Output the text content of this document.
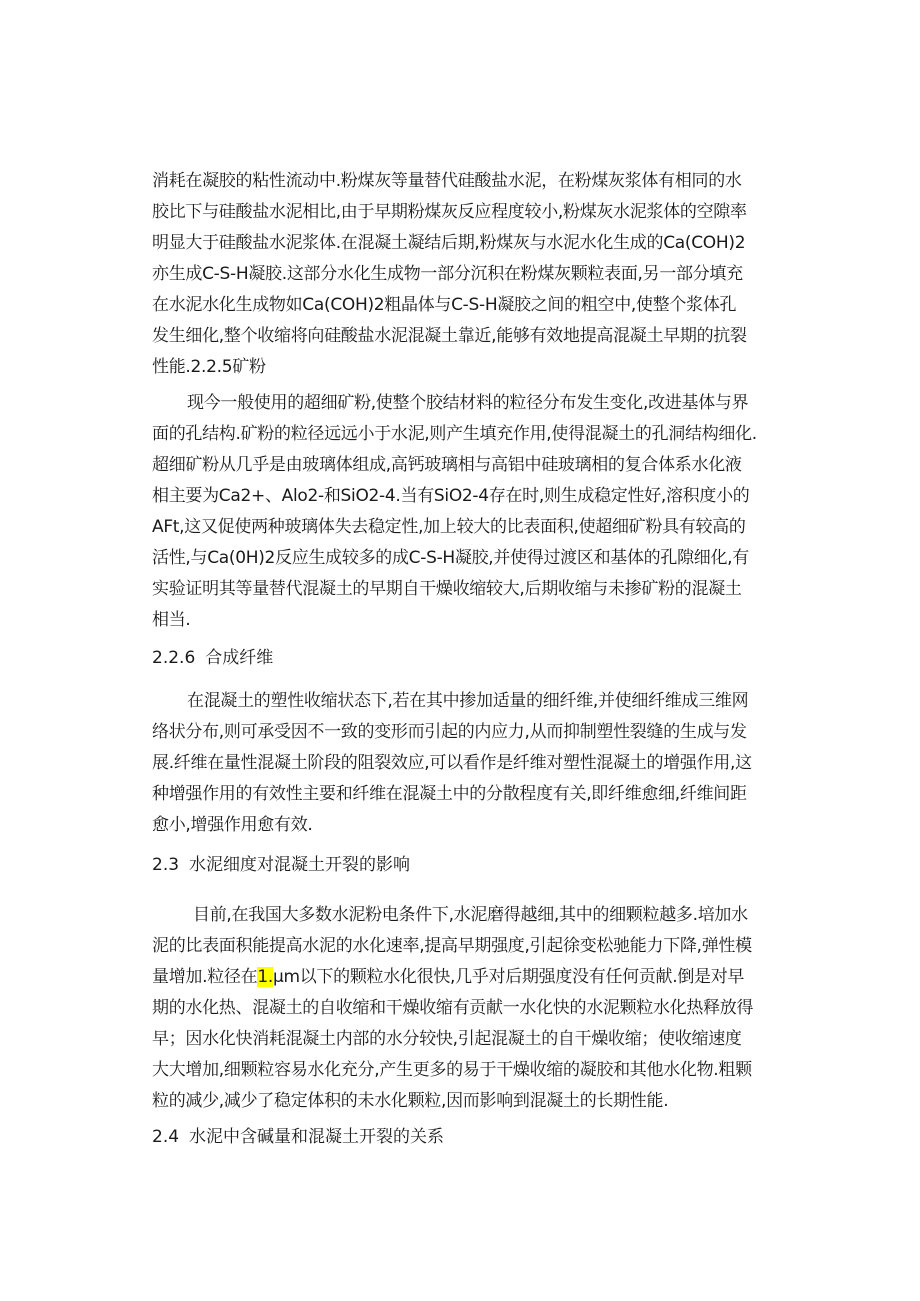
消耗在凝胶的粘性流动中.粉煤灰等量替代硅酸盐水泥，在粉煤灰浆体有相同的水
胶比下与硅酸盐水泥相比,由于早期粉煤灰反应程度较小,粉煤灰水泥浆体的空隙率
明显大于硅酸盐水泥浆体.在混凝土凝结后期,粉煤灰与水泥水化生成的Ca(COH)2
亦生成C-S-H凝胶.这部分水化生成物一部分沉积在粉煤灰颗粒表面,另一部分填充
在水泥水化生成物如Ca(COH)2粗晶体与C-S-H凝胶之间的粗空中,使整个浆体孔
发生细化,整个收缩将向硅酸盐水泥混凝土靠近,能够有效地提高混凝土早期的抗裂
性能.2.2.5矿粉
现今一般使用的超细矿粉,使整个胶结材料的粒径分布发生变化,改进基体与界
面的孔结构.矿粉的粒径远远小于水泥,则产生填充作用,使得混凝土的孔洞结构细化.
超细矿粉从几乎是由玻璃体组成,高钙玻璃相与高铝中硅玻璃相的复合体系水化液
相主要为Ca2+、Alo2-和SiO2-4.当有SiO2-4存在时,则生成稳定性好,溶积度小的
AFt,这又促使两种玻璃体失去稳定性,加上较大的比表面积,使超细矿粉具有较高的
活性,与Ca(0H)2反应生成较多的成C-S-H凝胶,并使得过渡区和基体的孔隙细化,有
实验证明其等量替代混凝土的早期自干燥收缩较大,后期收缩与未掺矿粉的混凝土
相当.
2.2.6 合成纤维
在混凝土的塑性收缩状态下,若在其中掺加适量的细纤维,并使细纤维成三维网
络状分布,则可承受因不一致的变形而引起的内应力,从而抑制塑性裂缝的生成与发
展.纤维在量性混凝土阶段的阻裂效应,可以看作是纤维对塑性混凝土的增强作用,这
种增强作用的有效性主要和纤维在混凝土中的分散程度有关,即纤维愈细,纤维间距
愈小,增强作用愈有效.
2.3 水泥细度对混凝土开裂的影响
目前,在我国大多数水泥粉电条件下,水泥磨得越细,其中的细颗粒越多.培加水
泥的比表面积能提高水泥的水化速率,提高早期强度,引起徐变松驰能力下降,弹性模
量增加.粒径在1.μm以下的颗粒水化很快,几乎对后期强度没有任何贡献.倒是对早
期的水化热、混凝土的自收缩和干燥收缩有贡献一水化快的水泥颗粒水化热释放得
早；因水化快消耗混凝土内部的水分较快,引起混凝土的自干燥收缩；使收缩速度
大大增加,细颗粒容易水化充分,产生更多的易于干燥收缩的凝胶和其他水化物.粗颗
粒的减少,减少了稳定体积的未水化颗粒,因而影响到混凝土的长期性能.
2.4 水泥中含碱量和混凝土开裂的关系
